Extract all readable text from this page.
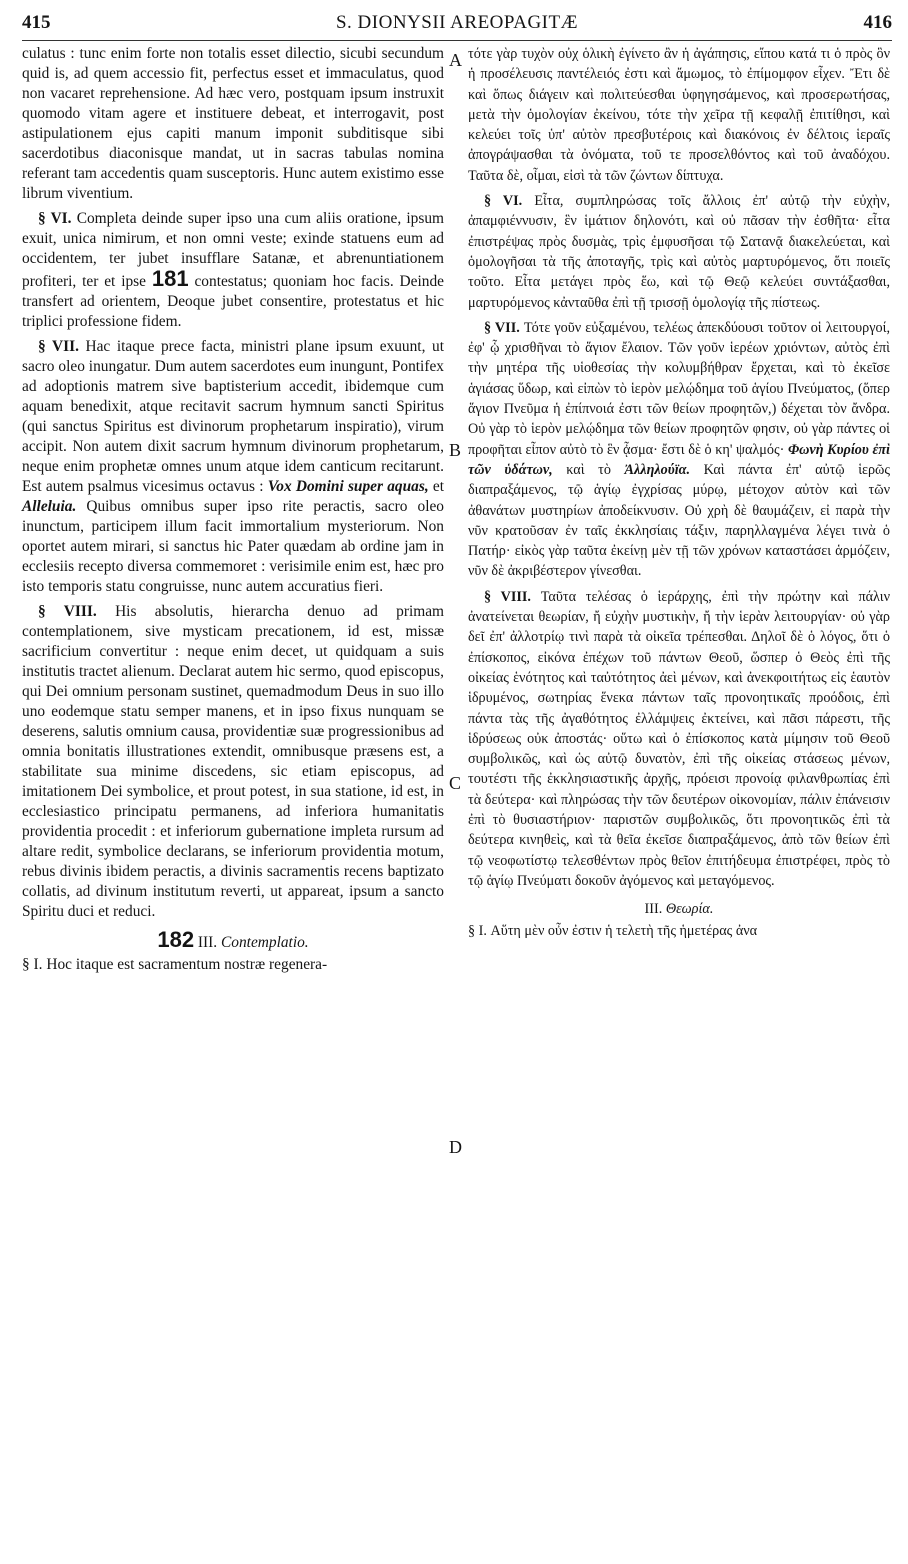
415	S. DIONYSII AREOPAGITÆ	416

culatus : tunc enim forte non totalis esset dilectio, sicubi secundum quid is, ad quem accessio fit, perfectus esset et immaculatus, quod non vacaret reprehensione. Ad hæc vero, postquam ipsum instruxit quomodo vitam agere et instituere debeat, et interrogavit, post astipulationem ejus capiti manum imponit subditisque sibi sacerdotibus diaconisque mandat, ut in sacras tabulas nomina referant tam accedentis quam susceptoris. Hunc autem existimo esse librum viventium.

§ VI. Completa deinde super ipso una cum aliis oratione, ipsum exuit, unica nimirum, et non omni veste; exinde statuens eum ad occidentem, ter jubet insufflare Satanæ, et abrenuntiationem profiteri, ter et ipse 181 contestatus; quoniam hoc facis. Deinde transfert ad orientem, Deoque jubet consentire, protestatus et hic triplici professione fidem.

§ VII. Hac itaque prece facta, ministri plane ipsum exuunt, ut sacro oleo inungatur. Dum autem sacerdotes eum inungunt, Pontifex ad adoptionis matrem sive baptisterium accedit, ibidemque cum aquam benedixit, atque recitavit sacrum hymnum sancti Spiritus (qui sanctus Spiritus est divinorum prophetarum inspiratio), virum accipit. Non autem dixit sacrum hymnum divinorum prophetarum, neque enim prophetæ omnes unum atque idem canticum recitarunt. Est autem psalmus vicesimus octavus : Vox Domini super aquas, et Alleluia. Quibus omnibus super ipso rite peractis, sacro oleo inunctum, participem illum facit immortalium mysteriorum. Non oportet autem mirari, si sanctus hic Pater quædam ab ordine jam in ecclesiis recepto diversa commemoret : verisimile enim est, hæc pro isto temporis statu congruisse, nunc autem accuratius fieri.

§ VIII. His absolutis, hierarcha denuo ad primam contemplationem, sive mysticam precationem, id est, missæ sacrificium convertitur : neque enim decet, ut quidquam a suis institutis tractet alienum. Declarat autem hic sermo, quod episcopus, qui Dei omnium personam sustinet, quemadmodum Deus in suo illo uno eodemque statu semper manens, et in ipso fixus nunquam se deserens, salutis omnium causa, providentiæ suæ progressionibus ad omnia bonitatis illustrationes extendit, omnibusque præsens est, a stabilitate sua minime discedens, sic etiam episcopus, ad imitationem Dei symbolice, et prout potest, in sua statione, id est, in ecclesiastico principatu permanens, ad inferiora humanitatis providentia procedit : et inferiorum gubernatione impleta rursum ad altare redit, symbolice declarans, se inferiorum providentia motum, rebus divinis ibidem peractis, a divinis sacramentis recens baptizato collatis, ad divinum institutum reverti, ut appareat, ipsum a sancto Spiritu duci et reduci.

182 III. Contemplatio.

§ I. Hoc itaque est sacramentum nostræ regenera-

A
B
C
D

τότε γὰρ τυχὸν οὐχ ὁλικὴ ἐγίνετο ἂν ἡ ἀγάπησις, εἴπου κατά τι ὁ πρὸς ὃν ἡ προσέλευσις παντέλειός ἐστι καὶ ἄμωμος, τὸ ἐπίμομφον εἶχεν. Ἔτι δὲ καὶ ὅπως διάγειν καὶ πολιτεύεσθαι ὑφηγησάμενος, καὶ προσερωτήσας, μετὰ τὴν ὁμολογίαν ἐκείνου, τότε τὴν χεῖρα τῇ κεφαλῇ ἐπιτίθησι, καὶ κελεύει τοῖς ὑπ' αὐτὸν πρεσβυτέροις καὶ διακόνοις ἐν δέλτοις ἱεραῖς ἀπογράψασθαι τὰ ὀνόματα, τοῦ τε προσελθόντος καὶ τοῦ ἀναδόχου. Ταῦτα δὲ, οἶμαι, εἰσὶ τὰ τῶν ζώντων δίπτυχα.

§ VI. Εἶτα, συμπληρώσας τοῖς ἄλλοις ἐπ' αὐτῷ τὴν εὐχὴν, ἀπαμφιέννυσιν, ἓν ἱμάτιον δηλονότι, καὶ οὐ πᾶσαν τὴν ἐσθῆτα· εἶτα ἐπιστρέψας πρὸς δυσμὰς, τρὶς ἐμφυσῆσαι τῷ Σατανᾷ διακελεύεται, καὶ ὁμολογῆσαι τὰ τῆς ἀποταγῆς, τρὶς καὶ αὐτὸς μαρτυρόμενος, ὅτι ποιεῖς τοῦτο. Εἶτα μετάγει πρὸς ἕω, καὶ τῷ Θεῷ κελεύει συντάξασθαι, μαρτυρόμενος κἀνταῦθα ἐπὶ τῇ τρισσῇ ὁμολογίᾳ τῆς πίστεως.

§ VII. Τότε γοῦν εὐξαμένου, τελέως ἀπεκδύουσι τοῦτον οἱ λειτουργοί, ἐφ' ᾧ χρισθῆναι τὸ ἅγιον ἔλαιον. Τῶν γοῦν ἱερέων χριόντων, αὐτὸς ἐπὶ τὴν μητέρα τῆς υἱοθεσίας τὴν κολυμβήθραν ἔρχεται, καὶ τὸ ἐκεῖσε ἁγιάσας ὕδωρ, καὶ εἰπὼν τὸ ἱερὸν μελῴδημα τοῦ ἁγίου Πνεύματος, (ὅπερ ἅγιον Πνεῦμα ἡ ἐπίπνοιά ἐστι τῶν θείων προφητῶν,) δέχεται τὸν ἄνδρα. Οὐ γὰρ τὸ ἱερὸν μελῴδημα τῶν θείων προφητῶν φησιν, οὐ γὰρ πάντες οἱ προφῆται εἶπον αὐτὸ τὸ ἓν ᾆσμα· ἔστι δὲ ὁ κη' ψαλμός· Φωνὴ Κυρίου ἐπὶ τῶν ὑδάτων, καὶ τὸ Ἀλληλούϊα. Καὶ πάντα ἐπ' αὐτῷ ἱερῶς διαπραξάμενος, τῷ ἁγίῳ ἐγχρίσας μύρῳ, μέτοχον αὐτὸν καὶ τῶν ἀθανάτων μυστηρίων ἀποδείκνυσιν. Οὐ χρὴ δὲ θαυμάζειν, εἰ παρὰ τὴν νῦν κρατοῦσαν ἐν ταῖς ἐκκλησίαις τάξιν, παρηλλαγμένα λέγει τινὰ ὁ Πατήρ· εἰκὸς γὰρ ταῦτα ἐκείνῃ μὲν τῇ τῶν χρόνων καταστάσει ἁρμόζειν, νῦν δὲ ἀκριβέστερον γίνεσθαι.

§ VIII. Ταῦτα τελέσας ὁ ἱεράρχης, ἐπὶ τὴν πρώτην καὶ πάλιν ἀνατείνεται θεωρίαν, ἤ εὐχὴν μυστικὴν, ἤ τὴν ἱερὰν λειτουργίαν· οὐ γὰρ δεῖ ἐπ' ἀλλοτρίῳ τινὶ παρὰ τὰ οἰκεῖα τρέπεσθαι. Δηλοῖ δὲ ὁ λόγος, ὅτι ὁ ἐπίσκοπος, εἰκόνα ἐπέχων τοῦ πάντων Θεοῦ, ὥσπερ ὁ Θεὸς ἐπὶ τῆς οἰκείας ἑνότητος καὶ ταὐτότητος ἀεὶ μένων, καὶ ἀνεκφοιτήτως εἰς ἑαυτὸν ἱδρυμένος, σωτηρίας ἕνεκα πάντων ταῖς προνοητικαῖς προόδοις, ἐπὶ πάντα τὰς τῆς ἀγαθότητος ἐλλάμψεις ἐκτείνει, καὶ πᾶσι πάρεστι, τῆς ἱδρύσεως οὐκ ἀποστάς· οὕτω καὶ ὁ ἐπίσκοπος κατὰ μίμησιν τοῦ Θεοῦ συμβολικῶς, καὶ ὡς αὐτῷ δυνατὸν, ἐπὶ τῆς οἰκείας στάσεως μένων, τουτέστι τῆς ἐκκλησιαστικῆς ἀρχῆς, πρόεισι προνοίᾳ φιλανθρωπίας ἐπὶ τὰ δεύτερα· καὶ πληρώσας τὴν τῶν δευτέρων οἰκονομίαν, πάλιν ἐπάνεισιν ἐπὶ τὸ θυσιαστήριον· παριστῶν συμβολικῶς, ὅτι προνοητικῶς ἐπὶ τὰ δεύτερα κινηθεὶς, καὶ τὰ θεῖα ἐκεῖσε διαπραξάμενος, ἀπὸ τῶν θείων ἐπὶ τῷ νεοφωτίστῳ τελεσθέντων πρὸς θεῖον ἐπιτήδευμα ἐπιστρέφει, πρὸς τὸ τῷ ἁγίῳ Πνεύματι δοκοῦν ἀγόμενος καὶ μεταγόμενος.

III. Θεωρία.

§ I. Αὕτη μὲν οὖν ἐστιν ἡ τελετὴ τῆς ἡμετέρας ἀνα
